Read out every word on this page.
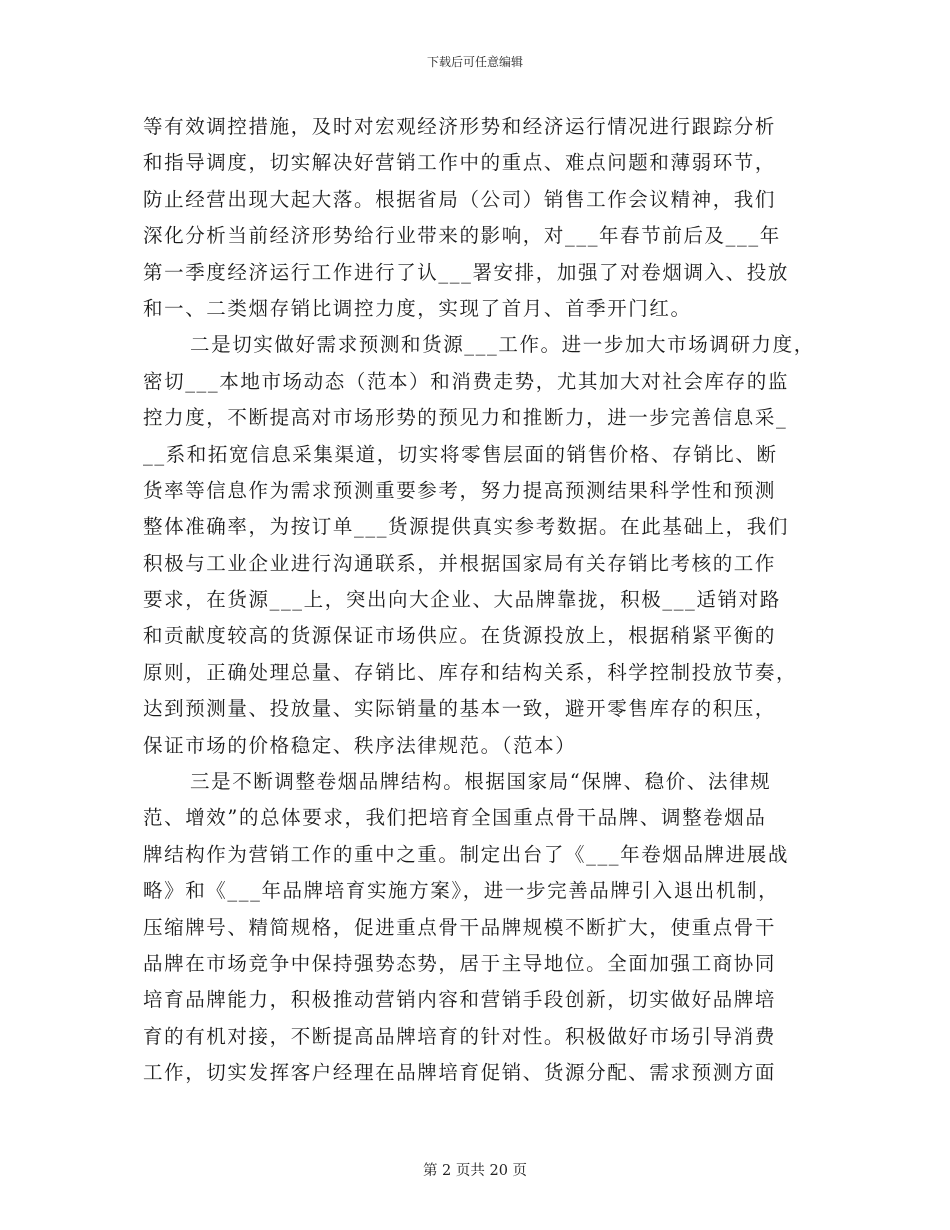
下载后可任意编辑
等有效调控措施，及时对宏观经济形势和经济运行情况进行跟踪分析
和指导调度，切实解决好营销工作中的重点、难点问题和薄弱环节，
防止经营出现大起大落。根据省局（公司）销售工作会议精神，我们
深化分析当前经济形势给行业带来的影响，对___年春节前后及___年
第一季度经济运行工作进行了认___署安排，加强了对卷烟调入、投放
和一、二类烟存销比调控力度，实现了首月、首季开门红。
二是切实做好需求预测和货源___工作。进一步加大市场调研力度，
密切___本地市场动态（范本）和消费走势，尤其加大对社会库存的监
控力度，不断提高对市场形势的预见力和推断力，进一步完善信息采_
__系和拓宽信息采集渠道，切实将零售层面的销售价格、存销比、断
货率等信息作为需求预测重要参考，努力提高预测结果科学性和预测
整体准确率，为按订单___货源提供真实参考数据。在此基础上，我们
积极与工业企业进行沟通联系，并根据国家局有关存销比考核的工作
要求，在货源___上，突出向大企业、大品牌靠拢，积极___适销对路
和贡献度较高的货源保证市场供应。在货源投放上，根据稍紧平衡的
原则，正确处理总量、存销比、库存和结构关系，科学控制投放节奏，
达到预测量、投放量、实际销量的基本一致，避开零售库存的积压，
保证市场的价格稳定、秩序法律规范。（范本）
三是不断调整卷烟品牌结构。根据国家局“保牌、稳价、法律规
范、增效”的总体要求，我们把培育全国重点骨干品牌、调整卷烟品
牌结构作为营销工作的重中之重。制定出台了《___年卷烟品牌进展战
略》和《___年品牌培育实施方案》，进一步完善品牌引入退出机制，
压缩牌号、精简规格，促进重点骨干品牌规模不断扩大，使重点骨干
品牌在市场竞争中保持强势态势，居于主导地位。全面加强工商协同
培育品牌能力，积极推动营销内容和营销手段创新，切实做好品牌培
育的有机对接，不断提高品牌培育的针对性。积极做好市场引导消费
工作，切实发挥客户经理在品牌培育促销、货源分配、需求预测方面
第 2 页共 20 页
